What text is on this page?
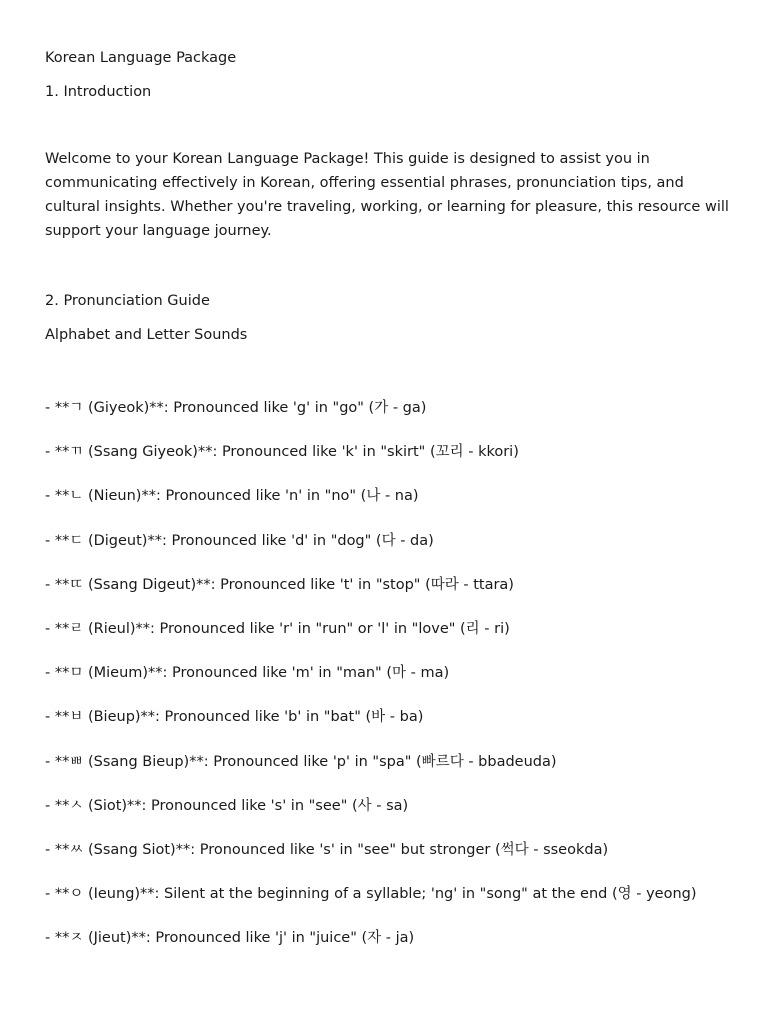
Korean Language Package
1. Introduction
Welcome to your Korean Language Package! This guide is designed to assist you in
communicating effectively in Korean, offering essential phrases, pronunciation tips, and
cultural insights. Whether you're traveling, working, or learning for pleasure, this resource will
support your language journey.
2. Pronunciation Guide
Alphabet and Letter Sounds
- **ㄱ (Giyeok)**: Pronounced like 'g' in "go" (가 - ga)
- **ㄲ (Ssang Giyeok)**: Pronounced like 'k' in "skirt" (꼬리 - kkori)
- **ㄴ (Nieun)**: Pronounced like 'n' in "no" (나 - na)
- **ㄷ (Digeut)**: Pronounced like 'd' in "dog" (다 - da)
- **ㄸ (Ssang Digeut)**: Pronounced like 't' in "stop" (따라 - ttara)
- **ㄹ (Rieul)**: Pronounced like 'r' in "run" or 'l' in "love" (리 - ri)
- **ㅁ (Mieum)**: Pronounced like 'm' in "man" (마 - ma)
- **ㅂ (Bieup)**: Pronounced like 'b' in "bat" (바 - ba)
- **ㅃ (Ssang Bieup)**: Pronounced like 'p' in "spa" (빠르다 - bbadeuda)
- **ㅅ (Siot)**: Pronounced like 's' in "see" (사 - sa)
- **ㅆ (Ssang Siot)**: Pronounced like 's' in "see" but stronger (썩다 - sseokda)
- **ㅇ (Ieung)**: Silent at the beginning of a syllable; 'ng' in "song" at the end (영 - yeong)
- **ㅈ (Jieut)**: Pronounced like 'j' in "juice" (자 - ja)
